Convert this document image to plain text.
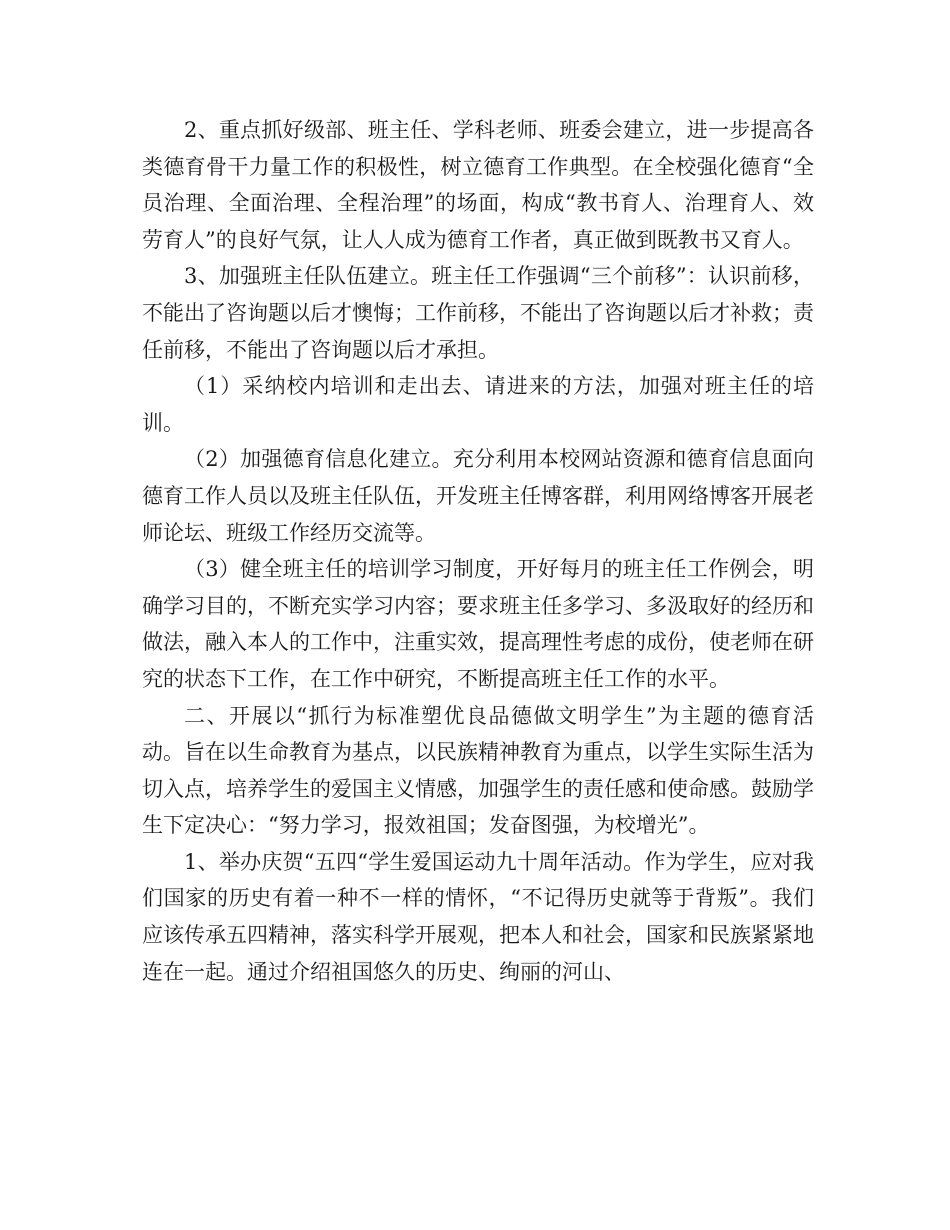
2、重点抓好级部、班主任、学科老师、班委会建立，进一步提高各类德育骨干力量工作的积极性，树立德育工作典型。在全校强化德育“全员治理、全面治理、全程治理”的场面，构成“教书育人、治理育人、效劳育人”的良好气氛，让人人成为德育工作者，真正做到既教书又育人。

3、加强班主任队伍建立。班主任工作强调“三个前移”：认识前移，不能出了咨询题以后才懊悔；工作前移，不能出了咨询题以后才补救；责任前移，不能出了咨询题以后才承担。

（1）采纳校内培训和走出去、请进来的方法，加强对班主任的培训。

（2）加强德育信息化建立。充分利用本校网站资源和德育信息面向德育工作人员以及班主任队伍，开发班主任博客群，利用网络博客开展老师论坛、班级工作经历交流等。

（3）健全班主任的培训学习制度，开好每月的班主任工作例会，明确学习目的，不断充实学习内容；要求班主任多学习、多汲取好的经历和做法，融入本人的工作中，注重实效，提高理性考虑的成份，使老师在研究的状态下工作，在工作中研究，不断提高班主任工作的水平。

二、开展以“抓行为标准塑优良品德做文明学生”为主题的德育活动。旨在以生命教育为基点，以民族精神教育为重点，以学生实际生活为切入点，培养学生的爱国主义情感，加强学生的责任感和使命感。鼓励学生下定决心：“努力学习，报效祖国；发奋图强，为校增光”。

1、举办庆贺“五四“学生爱国运动九十周年活动。作为学生，应对我们国家的历史有着一种不一样的情怀，“不记得历史就等于背叛”。我们应该传承五四精神，落实科学开展观，把本人和社会，国家和民族紧紧地连在一起。通过介绍祖国悠久的历史、绚丽的河山、
